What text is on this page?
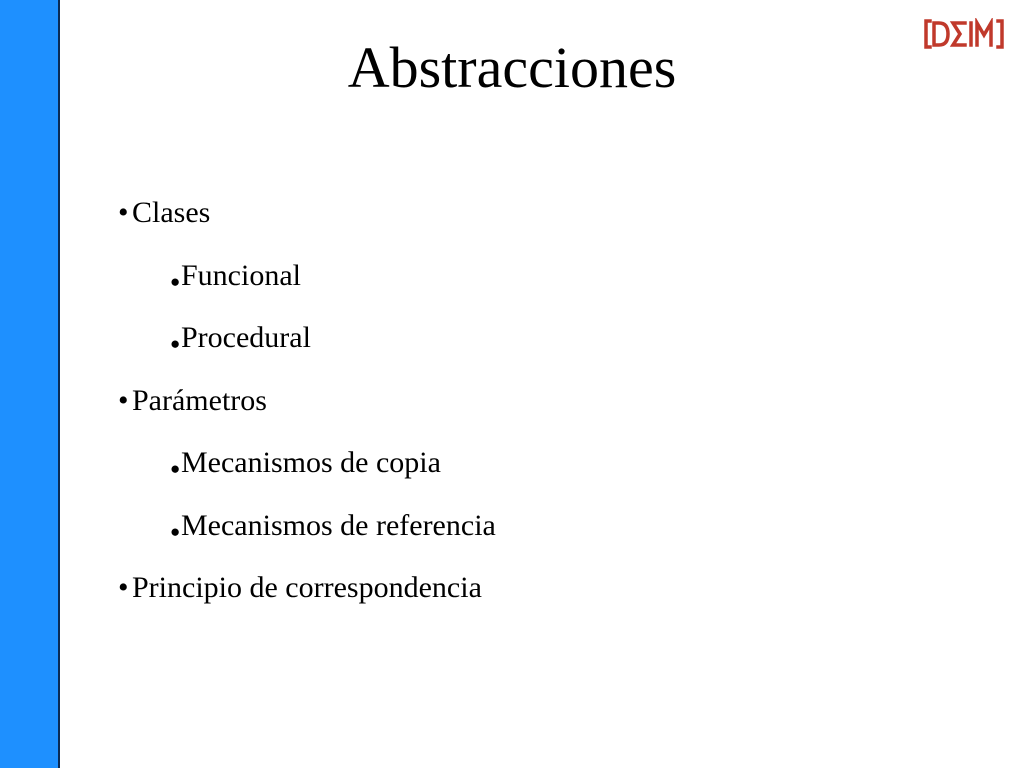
Abstracciones
• Clases
●Funcional
●Procedural
• Parámetros
●Mecanismos de copia
●Mecanismos de referencia
• Principio de correspondencia
